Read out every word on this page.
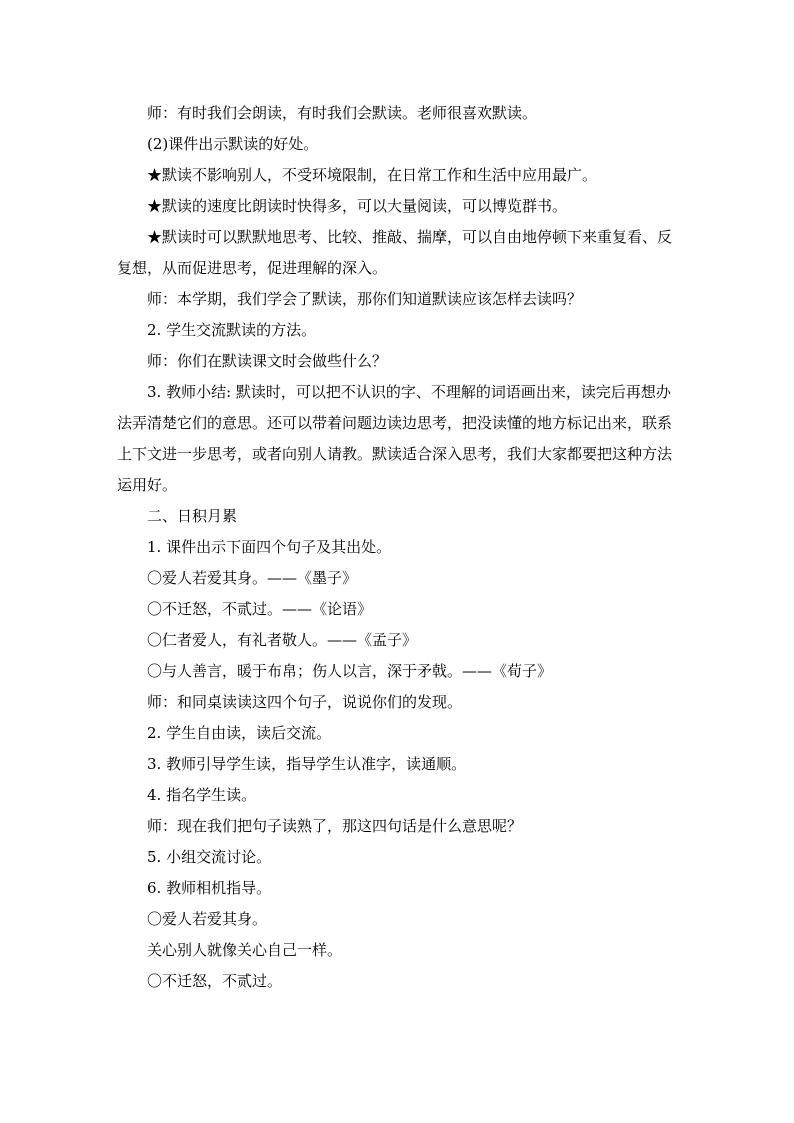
师：有时我们会朗读，有时我们会默读。老师很喜欢默读。

(2)课件出示默读的好处。

★默读不影响别人，不受环境限制，在日常工作和生活中应用最广。

★默读的速度比朗读时快得多，可以大量阅读，可以博览群书。

★默读时可以默默地思考、比较、推敲、揣摩，可以自由地停顿下来重复看、反复想，从而促进思考，促进理解的深入。

师：本学期，我们学会了默读，那你们知道默读应该怎样去读吗？

2. 学生交流默读的方法。

师：你们在默读课文时会做些什么？

3. 教师小结: 默读时，可以把不认识的字、不理解的词语画出来，读完后再想办法弄清楚它们的意思。还可以带着问题边读边思考，把没读懂的地方标记出来，联系上下文进一步思考，或者向别人请教。默读适合深入思考，我们大家都要把这种方法运用好。

二、日积月累

1. 课件出示下面四个句子及其出处。

〇爱人若爱其身。——《墨子》

〇不迁怒，不贰过。——《论语》

〇仁者爱人，有礼者敬人。——《孟子》

〇与人善言，暖于布帛；伤人以言，深于矛戟。——《荀子》

师：和同桌读读这四个句子，说说你们的发现。

2. 学生自由读，读后交流。

3. 教师引导学生读，指导学生认准字，读通顺。

4. 指名学生读。

师：现在我们把句子读熟了，那这四句话是什么意思呢？

5. 小组交流讨论。

6. 教师相机指导。

〇爱人若爱其身。

关心别人就像关心自己一样。

〇不迁怒，不贰过。
